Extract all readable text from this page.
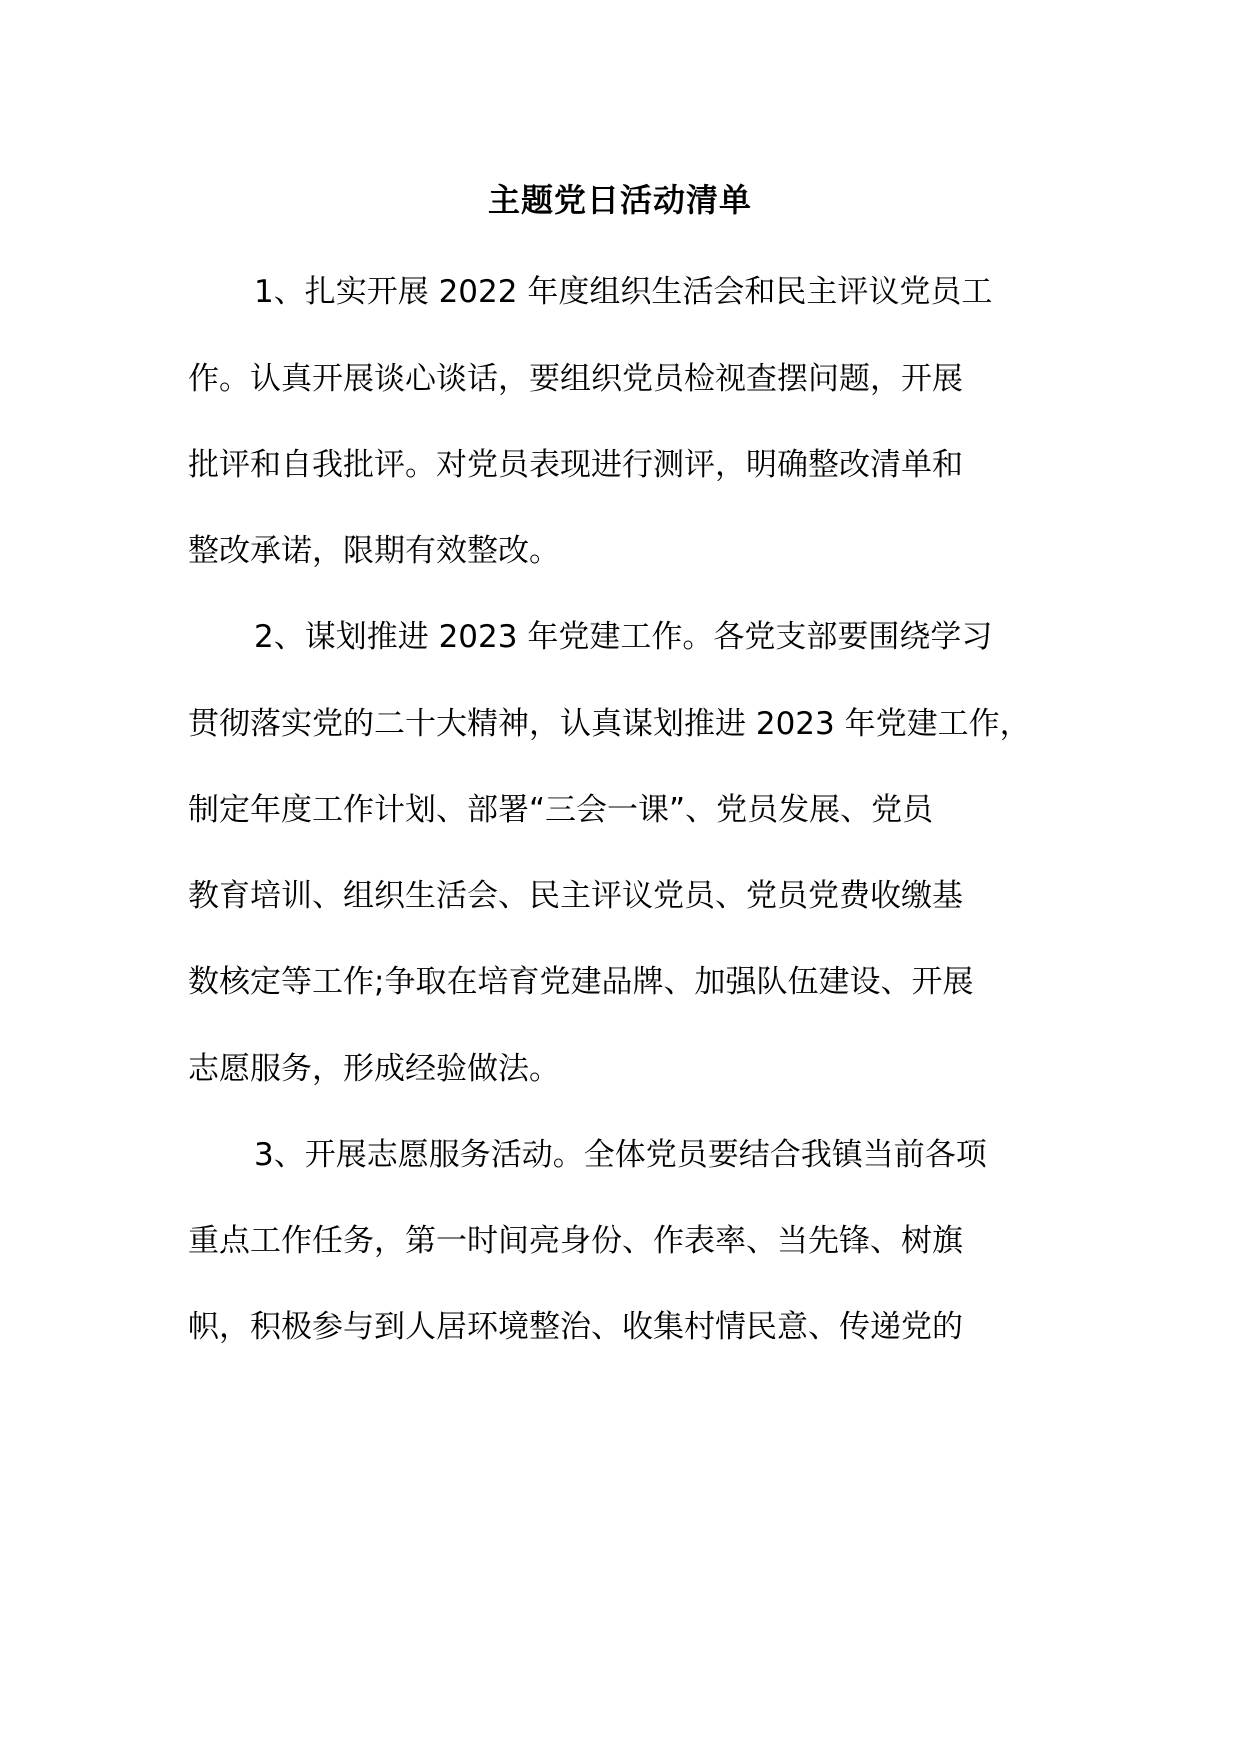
主题党日活动清单
1、扎实开展 2022 年度组织生活会和民主评议党员工
作。认真开展谈心谈话，要组织党员检视查摆问题，开展
批评和自我批评。对党员表现进行测评，明确整改清单和
整改承诺，限期有效整改。
2、谋划推进 2023 年党建工作。各党支部要围绕学习
贯彻落实党的二十大精神，认真谋划推进 2023 年党建工作，
制定年度工作计划、部署“三会一课”、党员发展、党员
教育培训、组织生活会、民主评议党员、党员党费收缴基
数核定等工作;争取在培育党建品牌、加强队伍建设、开展
志愿服务，形成经验做法。
3、开展志愿服务活动。全体党员要结合我镇当前各项
重点工作任务，第一时间亮身份、作表率、当先锋、树旗
帜，积极参与到人居环境整治、收集村情民意、传递党的
